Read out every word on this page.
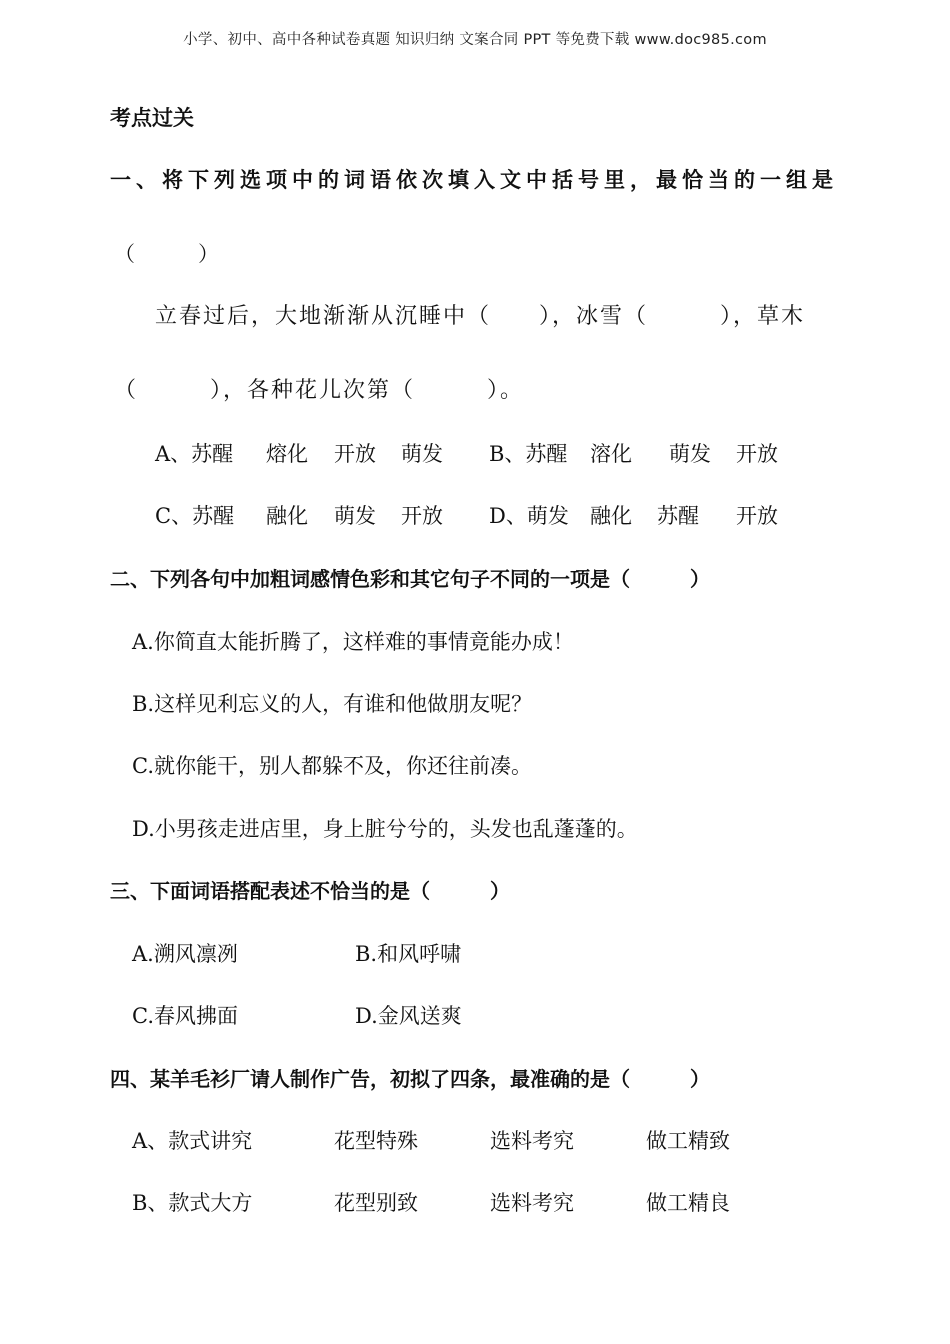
小学、初中、高中各种试卷真题 知识归纳 文案合同 PPT 等免费下载 www.doc985.com
考点过关
一、将下列选项中的词语依次填入文中括号里，最恰当的一组是
（　　　）
立春过后，大地渐渐从沉睡中（　　），冰雪（　　　），草木
（　　　），各种花儿次第（　　　）。
A、苏醒 熔化 开放 萌发 B、苏醒 溶化 萌发 开放
C、苏醒 融化 萌发 开放 D、萌发 融化 苏醒 开放
二、下列各句中加粗词感情色彩和其它句子不同的一项是（　　　）
A.你简直太能折腾了，这样难的事情竟能办成！
B.这样见利忘义的人，有谁和他做朋友呢？
C.就你能干，别人都躲不及，你还往前凑。
D.小男孩走进店里，身上脏兮兮的，头发也乱蓬蓬的。
三、下面词语搭配表述不恰当的是（　　　）
A.溯风凛冽	B.和风呼啸
C.春风拂面	D.金风送爽
四、某羊毛衫厂请人制作广告，初拟了四条，最准确的是（　　　）
A、款式讲究	花型特殊	选料考究	做工精致
B、款式大方	花型别致	选料考究	做工精良
